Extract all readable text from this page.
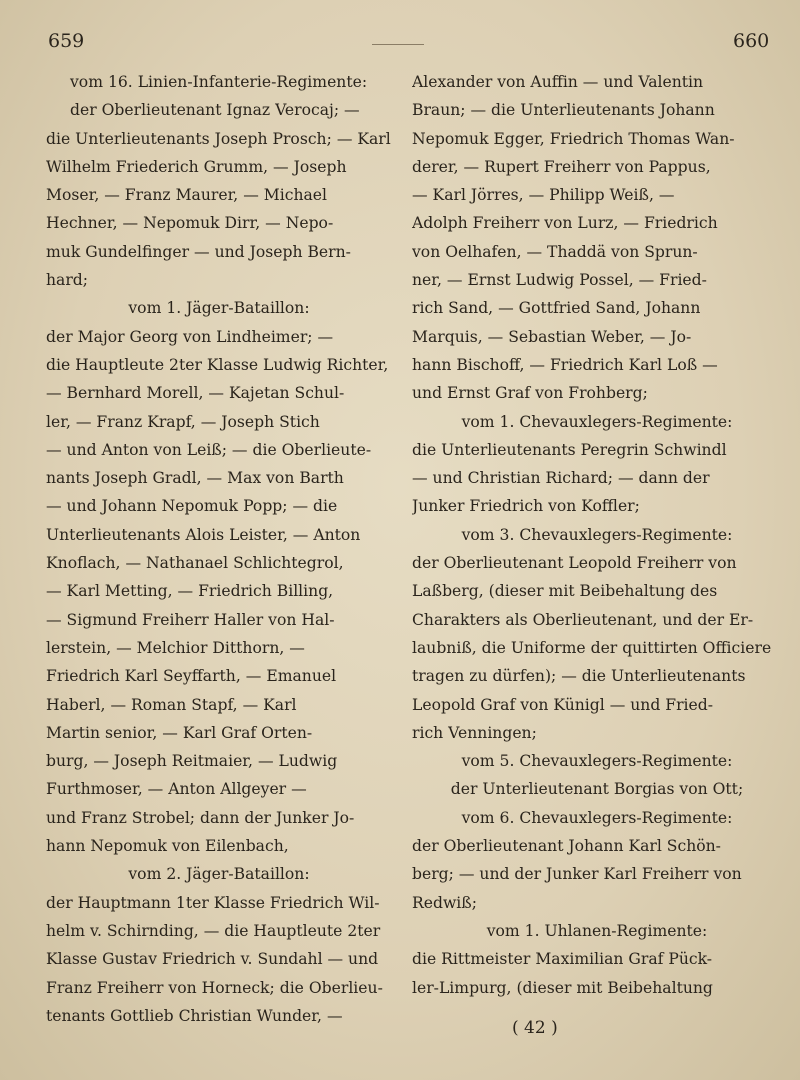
659	660
vom 16. Linien-Infanterie-Regimente:
der Oberlieutenant Ignaz Verocaj; —
die Unterlieutenants Joseph Prosch; — Karl
Wilhelm Friederich Grumm, — Joseph
Moser, — Franz Maurer, — Michael
Hechner, — Nepomuk Dirr, — Nepo-
muk Gundelfinger — und Joseph Bern-
hard;
vom 1. Jäger-Bataillon:
der Major Georg von Lindheimer; —
die Hauptleute 2ter Klasse Ludwig Richter,
— Bernhard Morell, — Kajetan Schul-
ler, — Franz Krapf, — Joseph Stich
— und Anton von Leiß; — die Oberlieute-
nants Joseph Gradl, — Max von Barth
— und Johann Nepomuk Popp; — die
Unterlieutenants Alois Leister, — Anton
Knoflach, — Nathanael Schlichtegrol,
— Karl Metting, — Friedrich Billing,
— Sigmund Freiherr Haller von Hal-
lerstein, — Melchior Ditthorn, —
Friedrich Karl Seyffarth, — Emanuel
Haberl, — Roman Stapf, — Karl
Martin senior, — Karl Graf Orten-
burg, — Joseph Reitmaier, — Ludwig
Furthmoser, — Anton Allgeyer —
und Franz Strobel; dann der Junker Jo-
hann Nepomuk von Eilenbach,
vom 2. Jäger-Bataillon:
der Hauptmann 1ter Klasse Friedrich Wil-
helm v. Schirnding, — die Hauptleute 2ter
Klasse Gustav Friedrich v. Sundahl — und
Franz Freiherr von Horneck; die Oberlieu-
tenants Gottlieb Christian Wunder, —
Alexander von Auffin — und Valentin
Braun; — die Unterlieutenants Johann
Nepomuk Egger, Friedrich Thomas Wan-
derer, — Rupert Freiherr von Pappus,
— Karl Jörres, — Philipp Weiß, —
Adolph Freiherr von Lurz, — Friedrich
von Oelhafen, — Thaddä von Sprun-
ner, — Ernst Ludwig Possel, — Fried-
rich Sand, — Gottfried Sand, Johann
Marquis, — Sebastian Weber, — Jo-
hann Bischoff, — Friedrich Karl Loß —
und Ernst Graf von Frohberg;
vom 1. Chevauxlegers-Regimente:
die Unterlieutenants Peregrin Schwindl
— und Christian Richard; — dann der
Junker Friedrich von Koffler;
vom 3. Chevauxlegers-Regimente:
der Oberlieutenant Leopold Freiherr von
Laßberg, (dieser mit Beibehaltung des
Charakters als Oberlieutenant, und der Er-
laubniß, die Uniforme der quittirten Officiere
tragen zu dürfen); — die Unterlieutenants
Leopold Graf von Künigl — und Fried-
rich Venningen;
vom 5. Chevauxlegers-Regimente:
der Unterlieutenant Borgias von Ott;
vom 6. Chevauxlegers-Regimente:
der Oberlieutenant Johann Karl Schön-
berg; — und der Junker Karl Freiherr von
Redwiß;
vom 1. Uhlanen-Regimente:
die Rittmeister Maximilian Graf Pück-
ler-Limpurg, (dieser mit Beibehaltung
( 42 )
